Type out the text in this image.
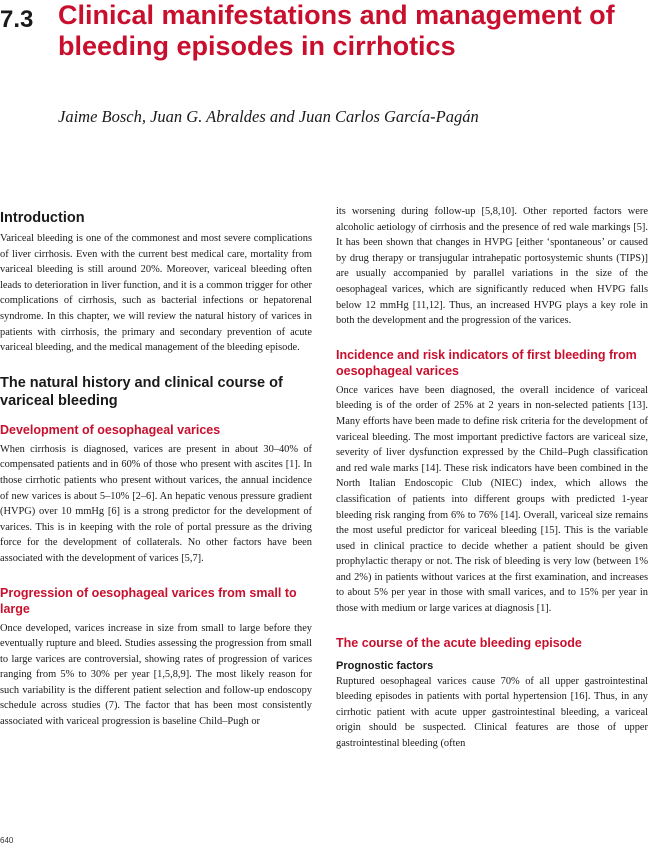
7.3 Clinical manifestations and management of bleeding episodes in cirrhotics
Jaime Bosch, Juan G. Abraldes and Juan Carlos García-Pagán
Introduction

Variceal bleeding is one of the commonest and most severe complications of liver cirrhosis. Even with the current best medical care, mortality from variceal bleeding is still around 20%. Moreover, variceal bleeding often leads to deterioration in liver function, and it is a common trigger for other complications of cirrhosis, such as bacterial infections or hepatorenal syndrome. In this chapter, we will review the natural history of varices in patients with cirrhosis, the primary and secondary prevention of acute variceal bleeding, and the medical management of the bleeding episode.

The natural history and clinical course of variceal bleeding
Development of oesophageal varices

When cirrhosis is diagnosed, varices are present in about 30–40% of compensated patients and in 60% of those who present with ascites [1]. In those cirrhotic patients who present without varices, the annual incidence of new varices is about 5–10% [2–6]. An hepatic venous pressure gradient (HVPG) over 10 mmHg [6] is a strong predictor for the development of varices. This is in keeping with the role of portal pressure as the driving force for the development of collaterals. No other factors have been associated with the development of varices [5,7].

Progression of oesophageal varices from small to large

Once developed, varices increase in size from small to large before they eventually rupture and bleed. Studies assessing the progression from small to large varices are controversial, showing rates of progression of varices ranging from 5% to 30% per year [1,5,8,9]. The most likely reason for such variability is the different patient selection and follow-up endoscopy schedule across studies (7). The factor that has been most consistently associated with variceal progression is baseline Child–Pugh or

its worsening during follow-up [5,8,10]. Other reported factors were alcoholic aetiology of cirrhosis and the presence of red wale markings [5]. It has been shown that changes in HVPG [either ‘spontaneous’ or caused by drug therapy or transjugular intrahepatic portosystemic shunts (TIPS)] are usually accompanied by parallel variations in the size of the oesophageal varices, which are significantly reduced when HVPG falls below 12 mmHg [11,12]. Thus, an increased HVPG plays a key role in both the development and the progression of the varices.

Incidence and risk indicators of first bleeding from oesophageal varices

Once varices have been diagnosed, the overall incidence of variceal bleeding is of the order of 25% at 2 years in non-selected patients [13]. Many efforts have been made to define risk criteria for the development of variceal bleeding. The most important predictive factors are variceal size, severity of liver dysfunction expressed by the Child–Pugh classification and red wale marks [14]. These risk indicators have been combined in the North Italian Endoscopic Club (NIEC) index, which allows the classification of patients into different groups with predicted 1-year bleeding risk ranging from 6% to 76% [14]. Overall, variceal size remains the most useful predictor for variceal bleeding [15]. This is the variable used in clinical practice to decide whether a patient should be given prophylactic therapy or not. The risk of bleeding is very low (between 1% and 2%) in patients without varices at the first examination, and increases to about 5% per year in those with small varices, and to 15% per year in those with medium or large varices at diagnosis [1].

The course of the acute bleeding episode
Prognostic factors

Ruptured oesophageal varices cause 70% of all upper gastrointestinal bleeding episodes in patients with portal hypertension [16]. Thus, in any cirrhotic patient with acute upper gastrointestinal bleeding, a variceal origin should be suspected. Clinical features are those of upper gastrointestinal bleeding (often

640
